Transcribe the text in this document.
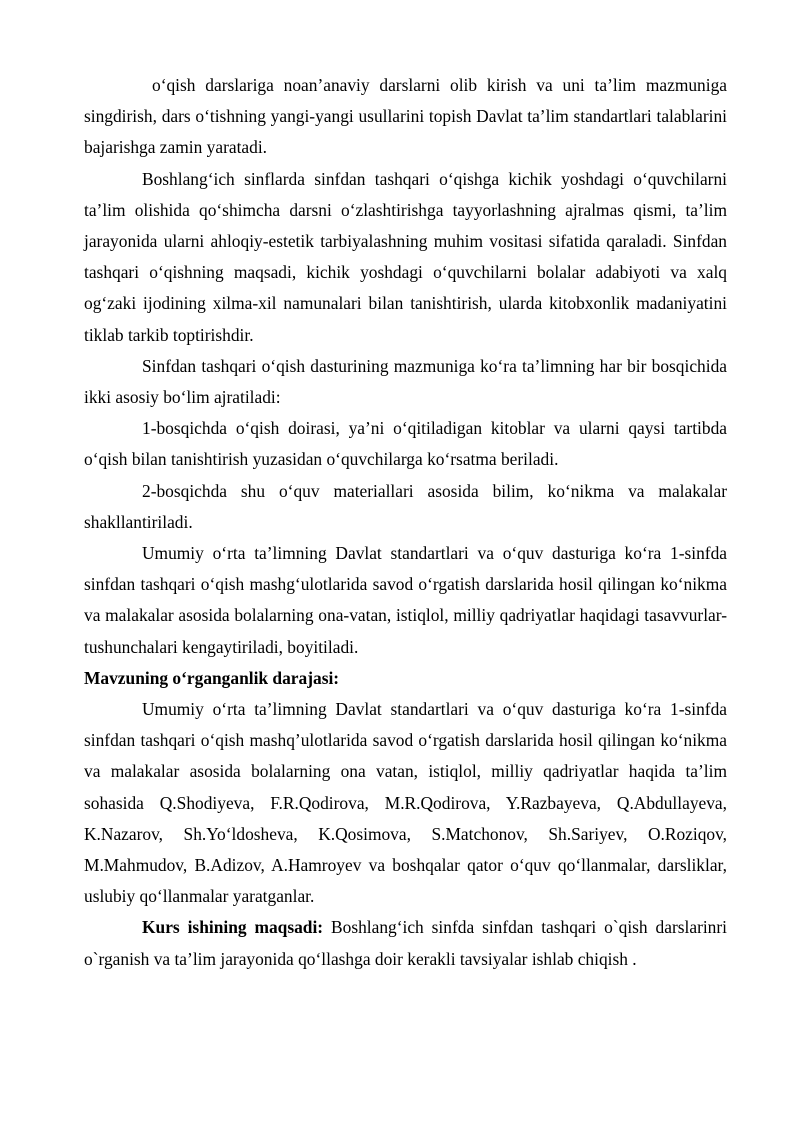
o‘qish darslariga noan’anaviy darslarni olib kirish va uni ta’lim mazmuniga singdirish, dars o‘tishning yangi-yangi usullarini topish Davlat ta’lim standartlari talablarini bajarishga zamin yaratadi.

Boshlang‘ich sinflarda sinfdan tashqari o‘qishga kichik yoshdagi o‘quvchilarni ta’lim olishida qo‘shimcha darsni o‘zlashtirishga tayyorlashning ajralmas qismi, ta’lim jarayonida ularni ahloqiy-estetik tarbiyalashning muhim vositasi sifatida qaraladi. Sinfdan tashqari o‘qishning maqsadi, kichik yoshdagi o‘quvchilarni bolalar adabiyoti va xalq og‘zaki ijodining xilma-xil namunalari bilan tanishtirish, ularda kitobxonlik madaniyatini tiklab tarkib toptirishdir.

Sinfdan tashqari o‘qish dasturining mazmuniga ko‘ra ta’limning har bir bosqichida ikki asosiy bo‘lim ajratiladi:

1-bosqichda o‘qish doirasi, ya’ni o‘qitiladigan kitoblar va ularni qaysi tartibda o‘qish bilan tanishtirish yuzasidan o‘quvchilarga ko‘rsatma beriladi.

2-bosqichda shu o‘quv materiallari asosida bilim, ko‘nikma va malakalar shakllantiriladi.

Umumiy o‘rta ta’limning Davlat standartlari va o‘quv dasturiga ko‘ra 1-sinfda sinfdan tashqari o‘qish mashg‘ulotlarida savod o‘rgatish darslarida hosil qilingan ko‘nikma va malakalar asosida bolalarning ona-vatan, istiqlol, milliy qadriyatlar haqidagi tasavvurlar-tushunchalari kengaytiriladi, boyitiladi.

Mavzuning o‘rganganlik darajasi:

Umumiy o‘rta ta’limning Davlat standartlari va o‘quv dasturiga ko‘ra 1-sinfda sinfdan tashqari o‘qish mashq’ulotlarida savod o‘rgatish darslarida hosil qilingan ko‘nikma va malakalar asosida bolalarning ona vatan, istiqlol, milliy qadriyatlar haqida ta’lim sohasida Q.Shodiyeva, F.R.Qodirova, M.R.Qodirova, Y.Razbayeva, Q.Abdullayeva, K.Nazarov, Sh.Yo‘ldosheva, K.Qosimova, S.Matchonov, Sh.Sariyev, O.Roziqov, M.Mahmudov, B.Adizov, A.Hamroyev va boshqalar qator o‘quv qo‘llanmalar, darsliklar, uslubiy qo‘llanmalar yaratganlar.

Kurs ishining maqsadi: Boshlang‘ich sinfda sinfdan tashqari o`qish darslarinri o`rganish va ta’lim jarayonida qo‘llashga doir kerakli tavsiyalar ishlab chiqish .
